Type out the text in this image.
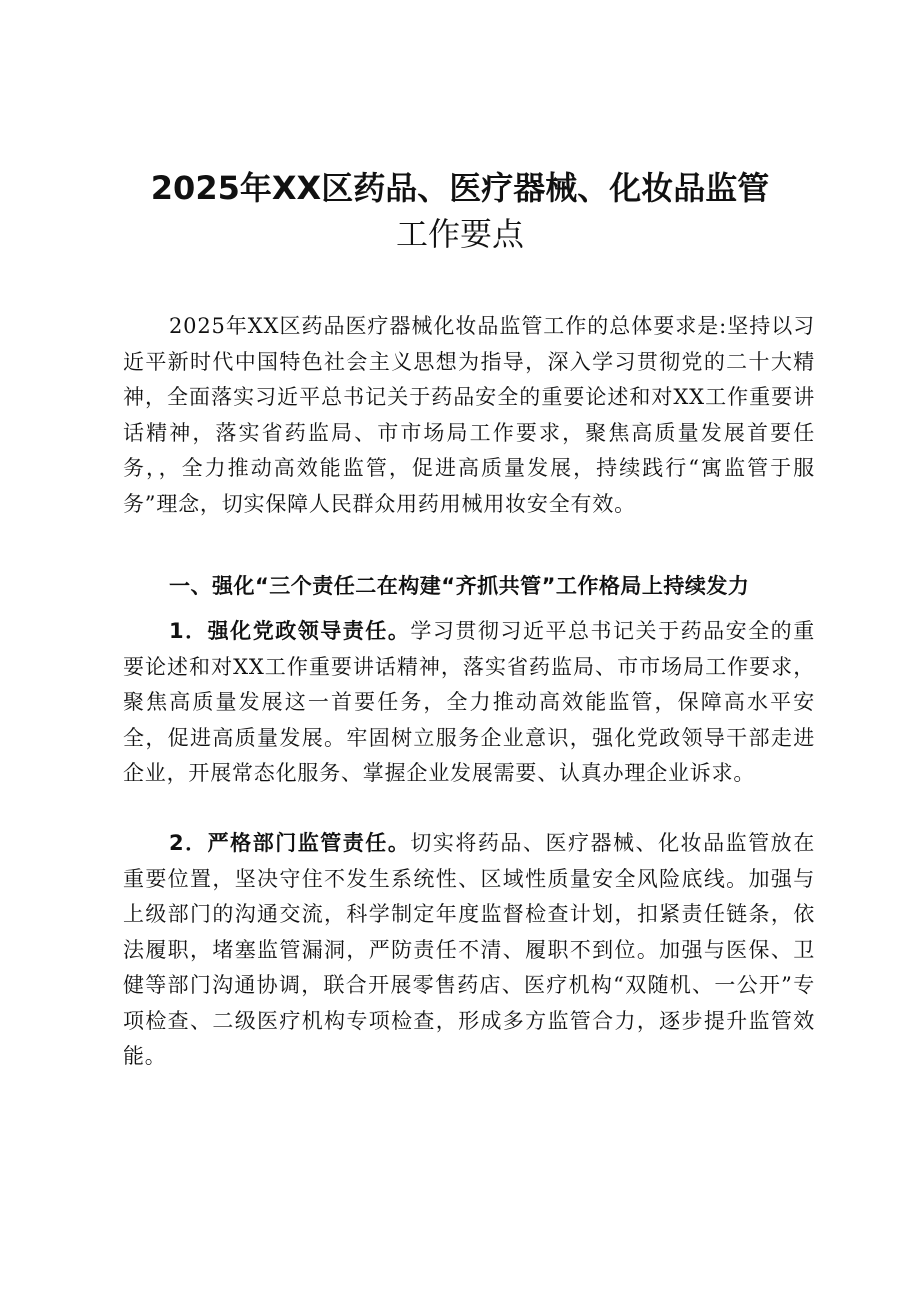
2025年XX区药品、医疗器械、化妆品监管
工作要点

2025年XX区药品医疗器械化妆品监管工作的总体要求是:坚持以习近平新时代中国特色社会主义思想为指导，深入学习贯彻党的二十大精神，全面落实习近平总书记关于药品安全的重要论述和对XX工作重要讲话精神，落实省药监局、市市场局工作要求，聚焦高质量发展首要任务，，全力推动高效能监管，促进高质量发展，持续践行“寓监管于服务”理念，切实保障人民群众用药用械用妆安全有效。

一、强化“三个责任二在构建“齐抓共管”工作格局上持续发力

1．强化党政领导责任。学习贯彻习近平总书记关于药品安全的重要论述和对XX工作重要讲话精神，落实省药监局、市市场局工作要求，聚焦高质量发展这一首要任务，全力推动高效能监管，保障高水平安全，促进高质量发展。牢固树立服务企业意识，强化党政领导干部走进企业，开展常态化服务、掌握企业发展需要、认真办理企业诉求。

2．严格部门监管责任。切实将药品、医疗器械、化妆品监管放在重要位置，坚决守住不发生系统性、区域性质量安全风险底线。加强与上级部门的沟通交流，科学制定年度监督检查计划，扣紧责任链条，依法履职，堵塞监管漏洞，严防责任不清、履职不到位。加强与医保、卫健等部门沟通协调，联合开展零售药店、医疗机构“双随机、一公开”专项检查、二级医疗机构专项检查，形成多方监管合力，逐步提升监管效能。
